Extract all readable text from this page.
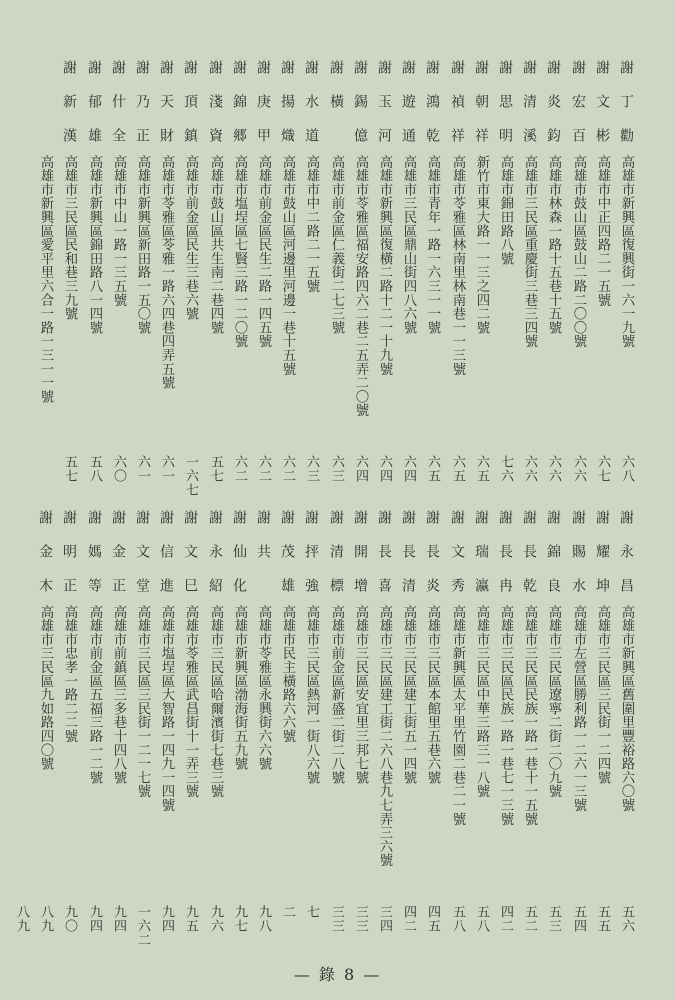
謝 丁 勸
高雄市新興區復興街一六一九號
六八
謝 文 彬
高雄市中正四路二一五號
六七
謝 宏 百
高雄市鼓山區鼓山二路二〇〇號
六六
謝 炎 鈞
高雄市林森一路十五巷十五號
六六
謝 清 溪
高雄市三民區重慶街三巷三四號
六六
謝 思 明
高雄市錦田路八號
七六
謝 朝 祥
新竹市東大路一一三之四二號
六五
謝 禎 祥
高雄市苓雅區林南里林南巷一一三號
六五
謝 鴻 乾
高雄市青年一路一六三一一號
六五
謝 遊 通
高雄市三民區鼎山街四八六號
六四
謝 玉 河
高雄市新興區復橫二路十二一十九號
六四
謝 錫 億
高雄市苓雅區福安路四六二巷二五弄二〇號
六四
謝 橫
高雄市前金區仁義街二七三號
六三
謝 水 道
高雄市中二路二一五號
六三
謝 揚 熾
高雄市鼓山區河邊里河邊一巷十五號
六二
謝 庚 甲
高雄市前金區民生二路一四五號
六二
謝 錦 郷
高雄市塩埕區七賢三路一二〇號
六二
謝 淺 資
高雄市鼓山區共生南二巷四號
五七
謝 頂 鎮
高雄市前金區民生三巷六號
一六七
謝 天 財
高雄市苓雅區苓雅一路六四巷四弄五號
六一
謝 乃 正
高雄市新興區新田路一五〇號
六一
謝 什 全
高雄市中山一路一三五號
六〇
謝 郁 雄
高雄市新興區錦田路八一四號
五八
謝 新 漢
高雄市三民區民和巷三九號
五七
高雄市新興區愛平里六合一路一三一一號
謝 永 昌
高雄市新興區舊圍里豐裕路六〇號
五六
謝 耀 坤
高雄市三民區三民街一二四號
五五
謝 賜 水
高雄市左營區勝利路一二六一三號
五四
謝 錦 良
高雄市三民區遼寧二街二〇九號
五三
謝 長 乾
高雄市三民區民族一路一巷十一五號
五二
謝 長 冉
高雄市三民區民族一路一巷七一三號
四二
謝 瑞 瀛
高雄市三民區中華三路三一八號
五八
謝 文 秀
高雄市新興區太平里竹園二巷二一號
五八
謝 長 炎
高雄市三民區本館里五巷六號
四五
謝 長 清
高雄市三民區建工街五一四號
四二
謝 長 喜
高雄市三民區建工街二六八巷九七弄三六號
三四
謝 開 增
高雄市三民區安宜里三邦七號
三三
謝 清 標
高雄市前金區新盛二街二八號
三三
謝 抨 強
高雄市三民區熱河一街八六號
七
謝 茂 雄
高雄市民主橫路六六號
二
謝 共
高雄市苓雅區永興街六六號
九八
謝 仙 化
高雄市新興區渤海街五九號
九七
謝 永 紹
高雄市三民區哈爾濱街七巷三號
九六
謝 文 巳
高雄市苓雅區武昌街十一弄三號
九五
謝 信 進
高雄市塩埕區大智路一四九一四號
九四
謝 文 堂
高雄市三民區三民街一二一七號
一六二
謝 金 正
高雄市前鎮區三多巷十四八號
九四
謝 媽 等
高雄市前金區五福三路一二號
九四
謝 明 正
高雄市忠孝一路二二號
九〇
謝 金 木
高雄市三民區九如路四〇號
八九
八九
— 錄 8 —
